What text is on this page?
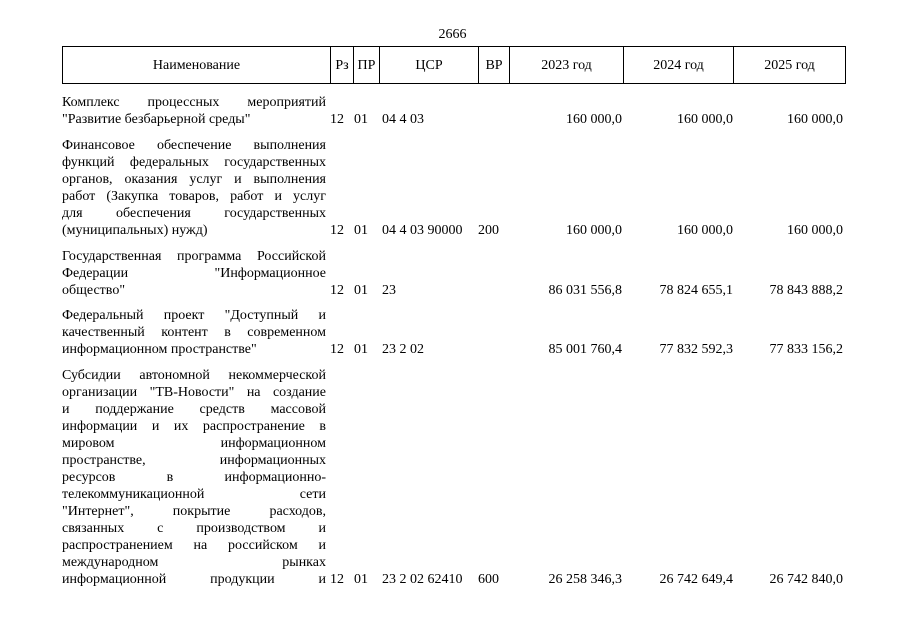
2666
Наименование	Рз ПР	ЦСР	ВР	2023 год	2024 год	2025 год
Комплекс процессных мероприятий
"Развитие безбарьерной среды"	12 01 04 4 03	160 000,0	160 000,0	160 000,0
Финансовое обеспечение выполнения
функций федеральных государственных
органов, оказания услуг и выполнения
работ (Закупка товаров, работ и услуг
для обеспечения государственных
(муниципальных) нужд)	12 01 04 4 03 90000 200	160 000,0	160 000,0	160 000,0
Государственная программа Российской
Федерации "Информационное
общество"	12 01 23	86 031 556,8	78 824 655,1	78 843 888,2
Федеральный проект "Доступный и
качественный контент в современном
информационном пространстве"	12 01 23 2 02	85 001 760,4	77 832 592,3	77 833 156,2
Субсидии автономной некоммерческой
организации "ТВ-Новости" на создание
и поддержание средств массовой
информации и их распространение в
мировом информационном
пространстве, информационных
ресурсов в информационно-
телекоммуникационной сети
"Интернет", покрытие расходов,
связанных с производством и
распространением на российском и
международном рынках
информационной продукции и 12 01 23 2 02 62410 600	26 258 346,3	26 742 649,4	26 742 840,0
